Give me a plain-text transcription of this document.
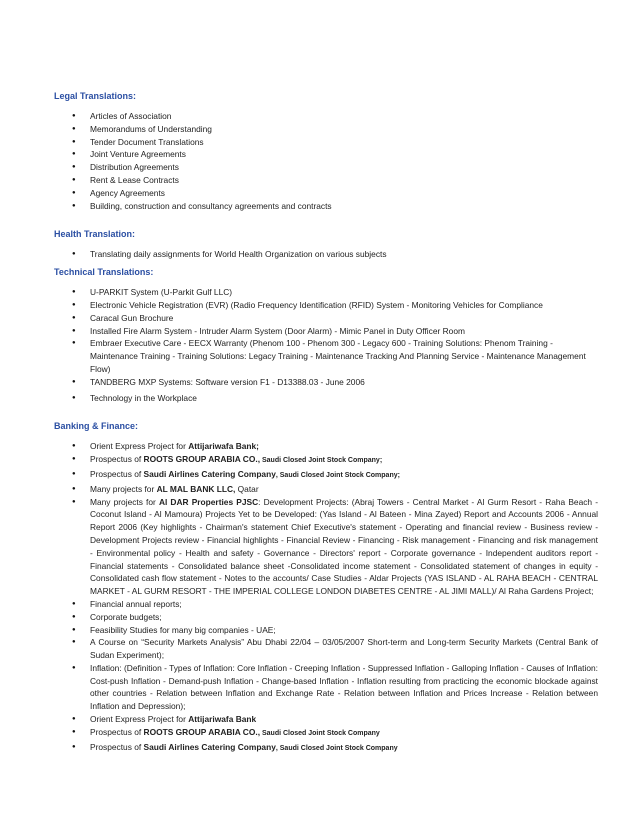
Legal Translations:

● Articles of Association
● Memorandums of Understanding
● Tender Document Translations
● Joint Venture Agreements
● Distribution Agreements
● Rent & Lease Contracts
● Agency Agreements
● Building, construction and consultancy agreements and contracts

Health Translation:

● Translating daily assignments for World Health Organization on various subjects

Technical Translations:

● U-PARKIT System (U-Parkit Gulf LLC)
● Electronic Vehicle Registration (EVR) (Radio Frequency Identification (RFID) System - Monitoring Vehicles for Compliance
● Caracal Gun Brochure
● Installed Fire Alarm System - Intruder Alarm System (Door Alarm) - Mimic Panel in Duty Officer Room
● Embraer Executive Care - EECX Warranty (Phenom 100 - Phenom 300 - Legacy 600 - Training Solutions: Phenom Training - Maintenance Training - Training Solutions: Legacy Training - Maintenance Tracking And Planning Service - Maintenance Management Flow)
● TANDBERG MXP Systems: Software version F1 - D13388.03 - June 2006
● Technology in the Workplace

Banking & Finance:

● Orient Express Project for Attijariwafa Bank;
● Prospectus of ROOTS GROUP ARABIA CO., Saudi Closed Joint Stock Company;
● Prospectus of Saudi Airlines Catering Company, Saudi Closed Joint Stock Company;
● Many projects for AL MAL BANK LLC, Qatar
● Many projects for Al DAR Properties PJSC: Development Projects: (Abraj Towers - Central Market - Al Gurm Resort - Raha Beach - Coconut Island - Al Mamoura) Projects Yet to be Developed: (Yas Island - Al Bateen - Mina Zayed) Report and Accounts 2006 - Annual Report 2006 (Key highlights - Chairman's statement Chief Executive's statement - Operating and financial review - Business review - Development Projects review - Financial highlights - Financial Review - Financing - Risk management - Financing and risk management - Environmental policy - Health and safety - Governance - Directors' report - Corporate governance - Independent auditors report - Financial statements - Consolidated balance sheet -Consolidated income statement - Consolidated statement of changes in equity -Consolidated cash flow statement - Notes to the accounts/ Case Studies - Aldar Projects (YAS ISLAND - AL RAHA BEACH - CENTRAL MARKET - AL GURM RESORT - THE IMPERIAL COLLEGE LONDON DIABETES CENTRE - AL JIMI MALL)/ Al Raha Gardens Project;
● Financial annual reports;
● Corporate budgets;
● Feasibility Studies for many big companies - UAE;
● A Course on “Security Markets Analysis” Abu Dhabi 22/04 – 03/05/2007 Short-term and Long-term Security Markets (Central Bank of Sudan Experiment);
● Inflation: (Definition - Types of Inflation: Core Inflation - Creeping Inflation - Suppressed Inflation - Galloping Inflation - Causes of Inflation: Cost-push Inflation - Demand-push Inflation - Change-based Inflation - Inflation resulting from practicing the economic blockade against other countries - Relation between Inflation and Exchange Rate - Relation between Inflation and Prices Increase - Relation between Inflation and Depression);
● Orient Express Project for Attijariwafa Bank
● Prospectus of ROOTS GROUP ARABIA CO., Saudi Closed Joint Stock Company
● Prospectus of Saudi Airlines Catering Company, Saudi Closed Joint Stock Company
